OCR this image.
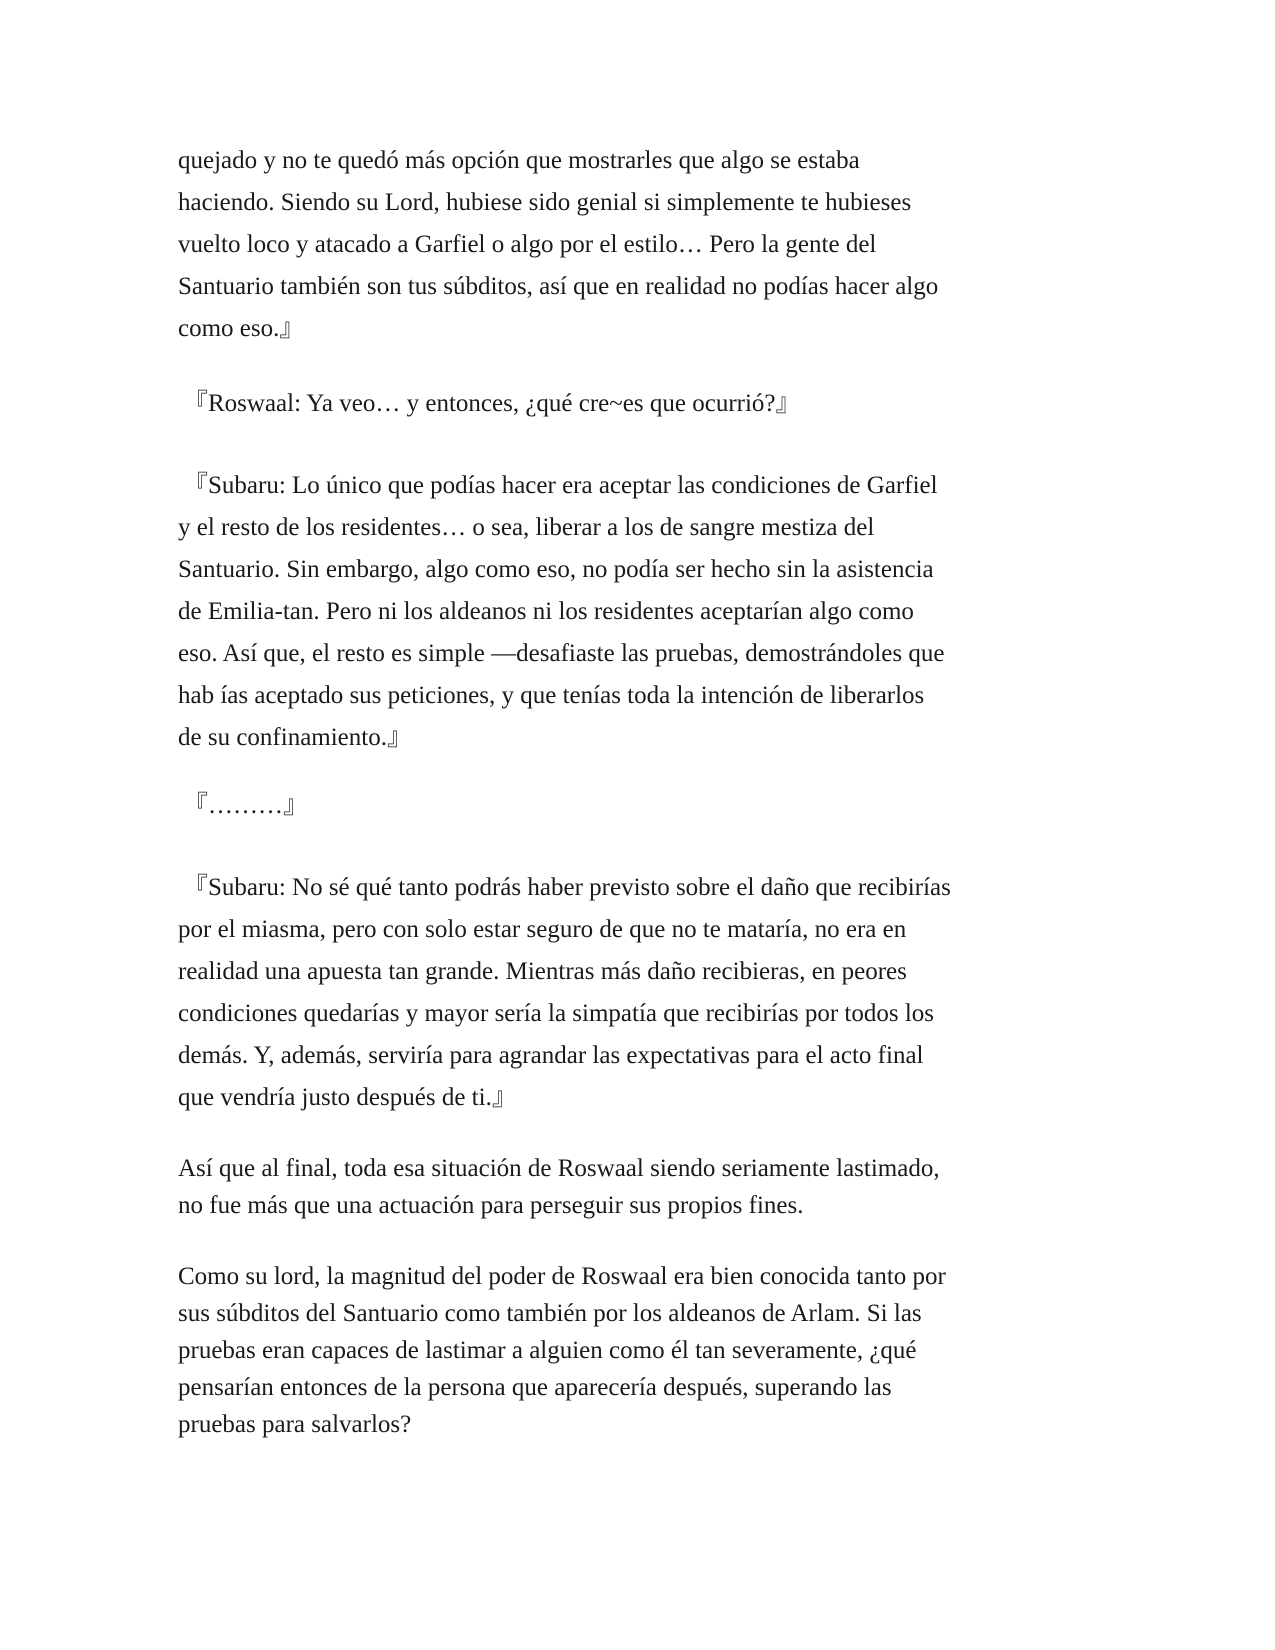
quejado y no te quedó más opción que mostrarles que algo se estaba
haciendo. Siendo su Lord, hubiese sido genial si simplemente te hubieses
vuelto loco y atacado a Garfiel o algo por el estilo… Pero la gente del
Santuario también son tus súbditos, así que en realidad no podías hacer algo
como eso.』
『Roswaal: Ya veo… y entonces, ¿qué cre~es que ocurrió?』
『Subaru: Lo único que podías hacer era aceptar las condiciones de Garfiel
y el resto de los residentes… o sea, liberar a los de sangre mestiza del
Santuario. Sin embargo, algo como eso, no podía ser hecho sin la asistencia
de Emilia-tan. Pero ni los aldeanos ni los residentes aceptarían algo como
eso. Así que, el resto es simple —desafiaste las pruebas, demostrándoles que
hab ías aceptado sus peticiones, y que tenías toda la intención de liberarlos
de su confinamiento.』
『………』
『Subaru: No sé qué tanto podrás haber previsto sobre el daño que recibirías
por el miasma, pero con solo estar seguro de que no te mataría, no era en
realidad una apuesta tan grande. Mientras más daño recibieras, en peores
condiciones quedarías y mayor sería la simpatía que recibirías por todos los
demás. Y, además, serviría para agrandar las expectativas para el acto final
que vendría justo después de ti.』
Así que al final, toda esa situación de Roswaal siendo seriamente lastimado,
no fue más que una actuación para perseguir sus propios fines.
Como su lord, la magnitud del poder de Roswaal era bien conocida tanto por
sus súbditos del Santuario como también por los aldeanos de Arlam. Si las
pruebas eran capaces de lastimar a alguien como él tan severamente, ¿qué
pensarían entonces de la persona que aparecería después, superando las
pruebas para salvarlos?
